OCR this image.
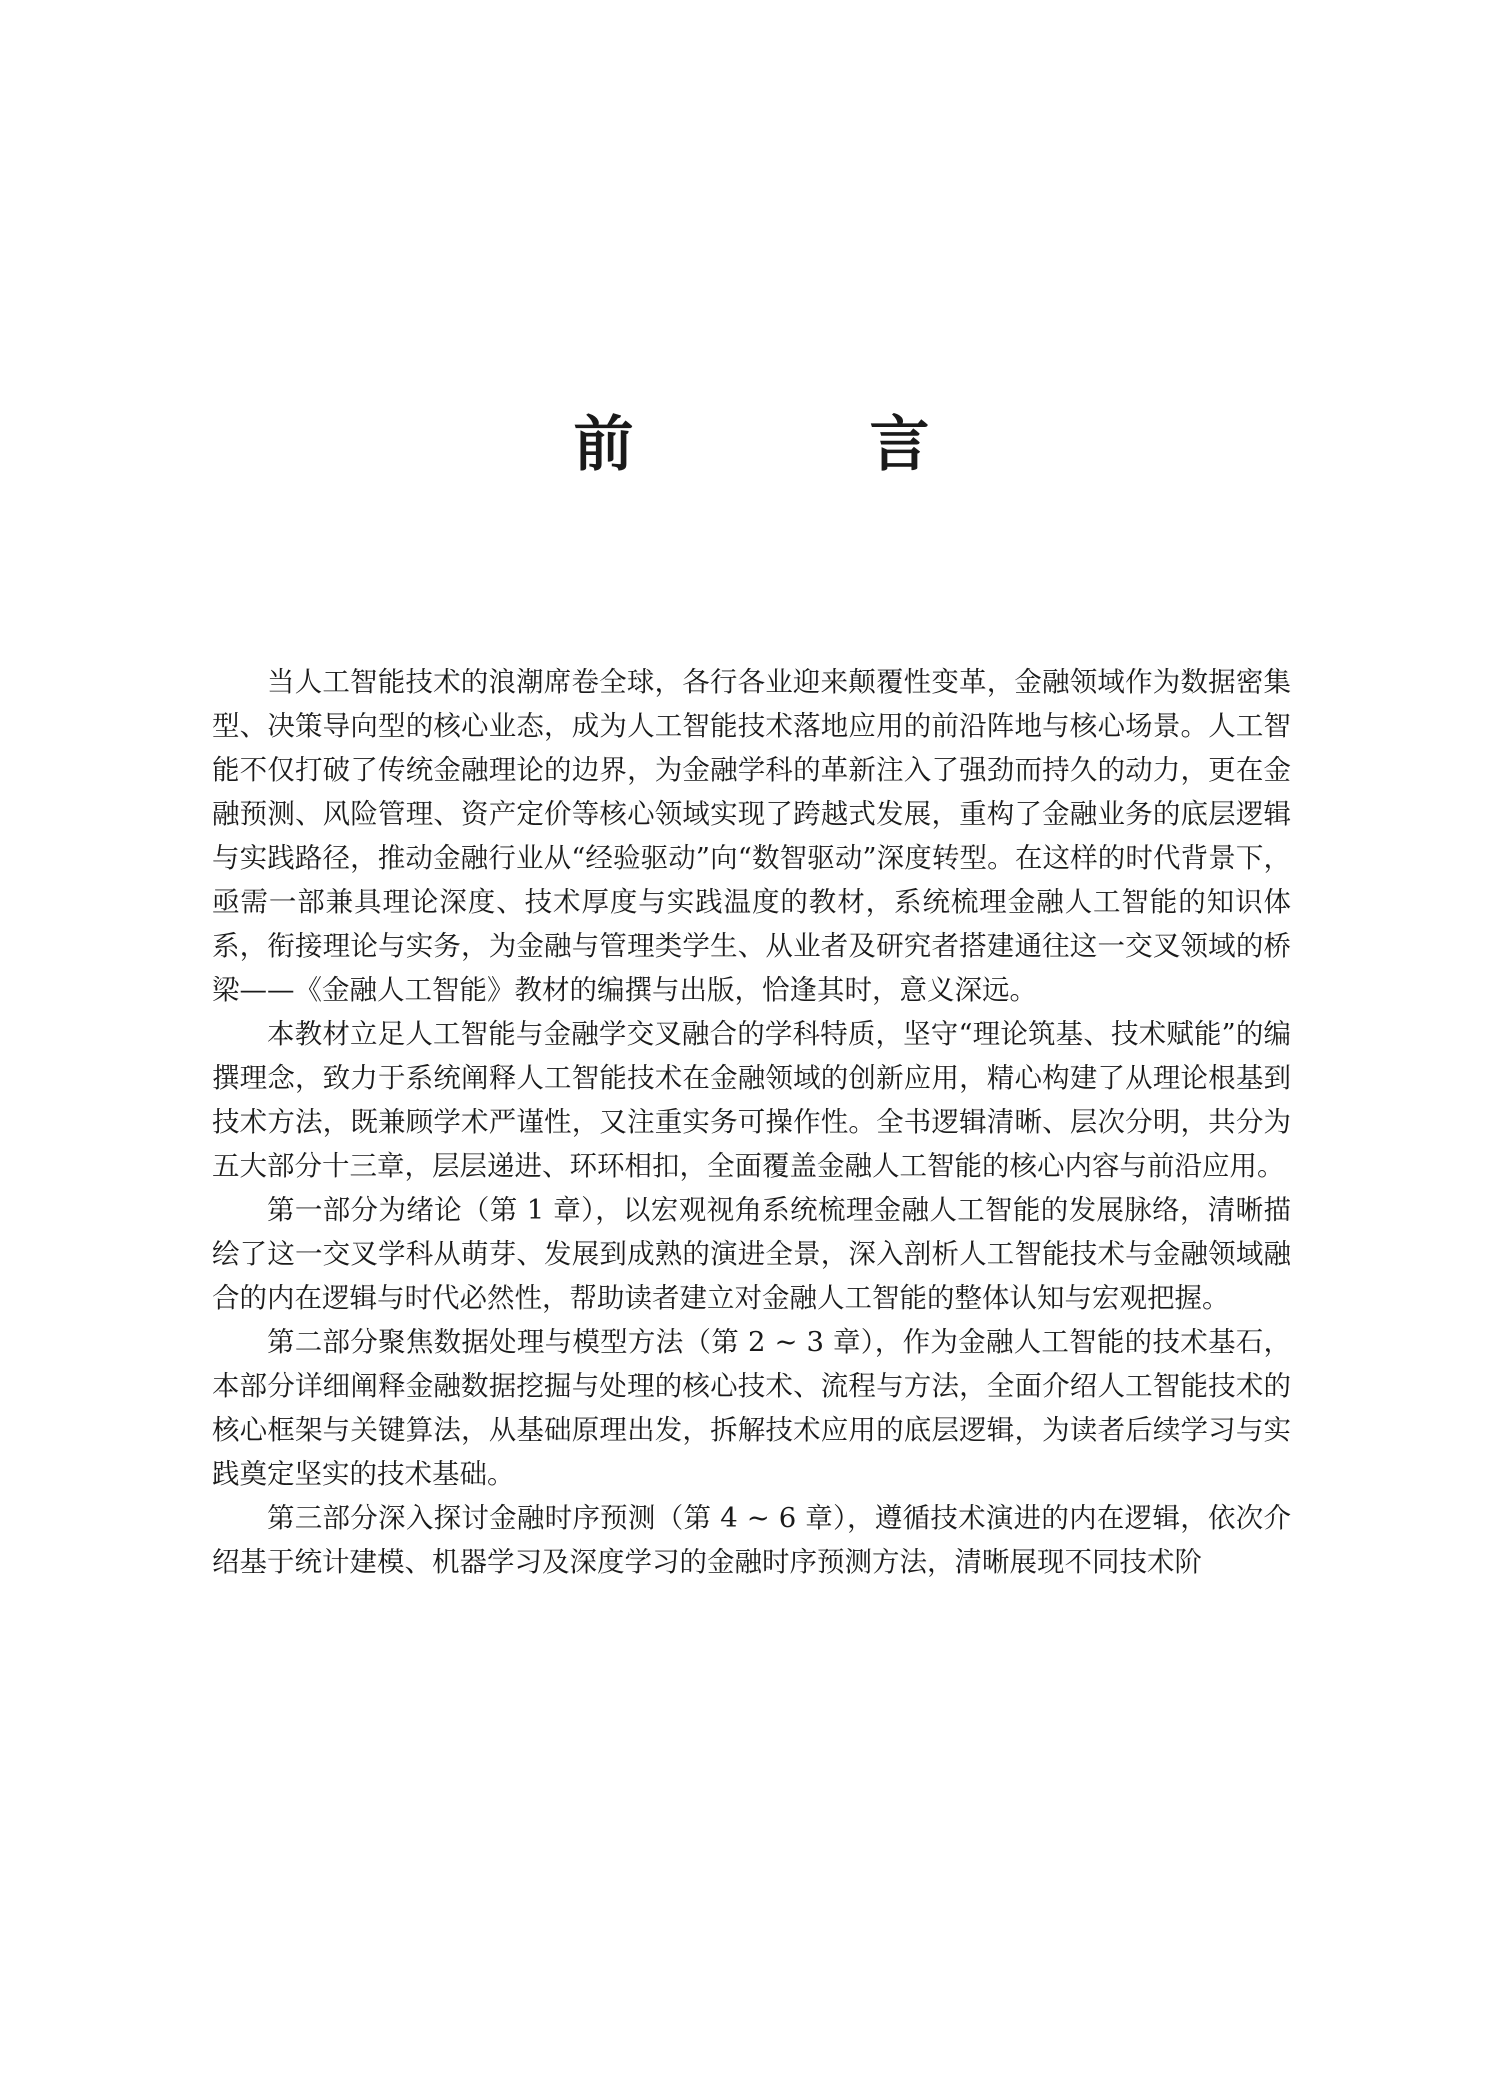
前　言

当人工智能技术的浪潮席卷全球，各行各业迎来颠覆性变革，金融领域作为数据密集型、决策导向型的核心业态，成为人工智能技术落地应用的前沿阵地与核心场景。人工智能不仅打破了传统金融理论的边界，为金融学科的革新注入了强劲而持久的动力，更在金融预测、风险管理、资产定价等核心领域实现了跨越式发展，重构了金融业务的底层逻辑与实践路径，推动金融行业从“经验驱动”向“数智驱动”深度转型。在这样的时代背景下，亟需一部兼具理论深度、技术厚度与实践温度的教材，系统梳理金融人工智能的知识体系，衔接理论与实务，为金融与管理类学生、从业者及研究者搭建通往这一交叉领域的桥梁——《金融人工智能》教材的编撰与出版，恰逢其时，意义深远。

本教材立足人工智能与金融学交叉融合的学科特质，坚守“理论筑基、技术赋能”的编撰理念，致力于系统阐释人工智能技术在金融领域的创新应用，精心构建了从理论根基到技术方法，既兼顾学术严谨性，又注重实务可操作性。全书逻辑清晰、层次分明，共分为五大部分十三章，层层递进、环环相扣，全面覆盖金融人工智能的核心内容与前沿应用。

第一部分为绪论（第 1 章），以宏观视角系统梳理金融人工智能的发展脉络，清晰描绘了这一交叉学科从萌芽、发展到成熟的演进全景，深入剖析人工智能技术与金融领域融合的内在逻辑与时代必然性，帮助读者建立对金融人工智能的整体认知与宏观把握。

第二部分聚焦数据处理与模型方法（第 2 ~ 3 章），作为金融人工智能的技术基石，本部分详细阐释金融数据挖掘与处理的核心技术、流程与方法，全面介绍人工智能技术的核心框架与关键算法，从基础原理出发，拆解技术应用的底层逻辑，为读者后续学习与实践奠定坚实的技术基础。

第三部分深入探讨金融时序预测（第 4 ~ 6 章），遵循技术演进的内在逻辑，依次介绍基于统计建模、机器学习及深度学习的金融时序预测方法，清晰展现不同技术阶
